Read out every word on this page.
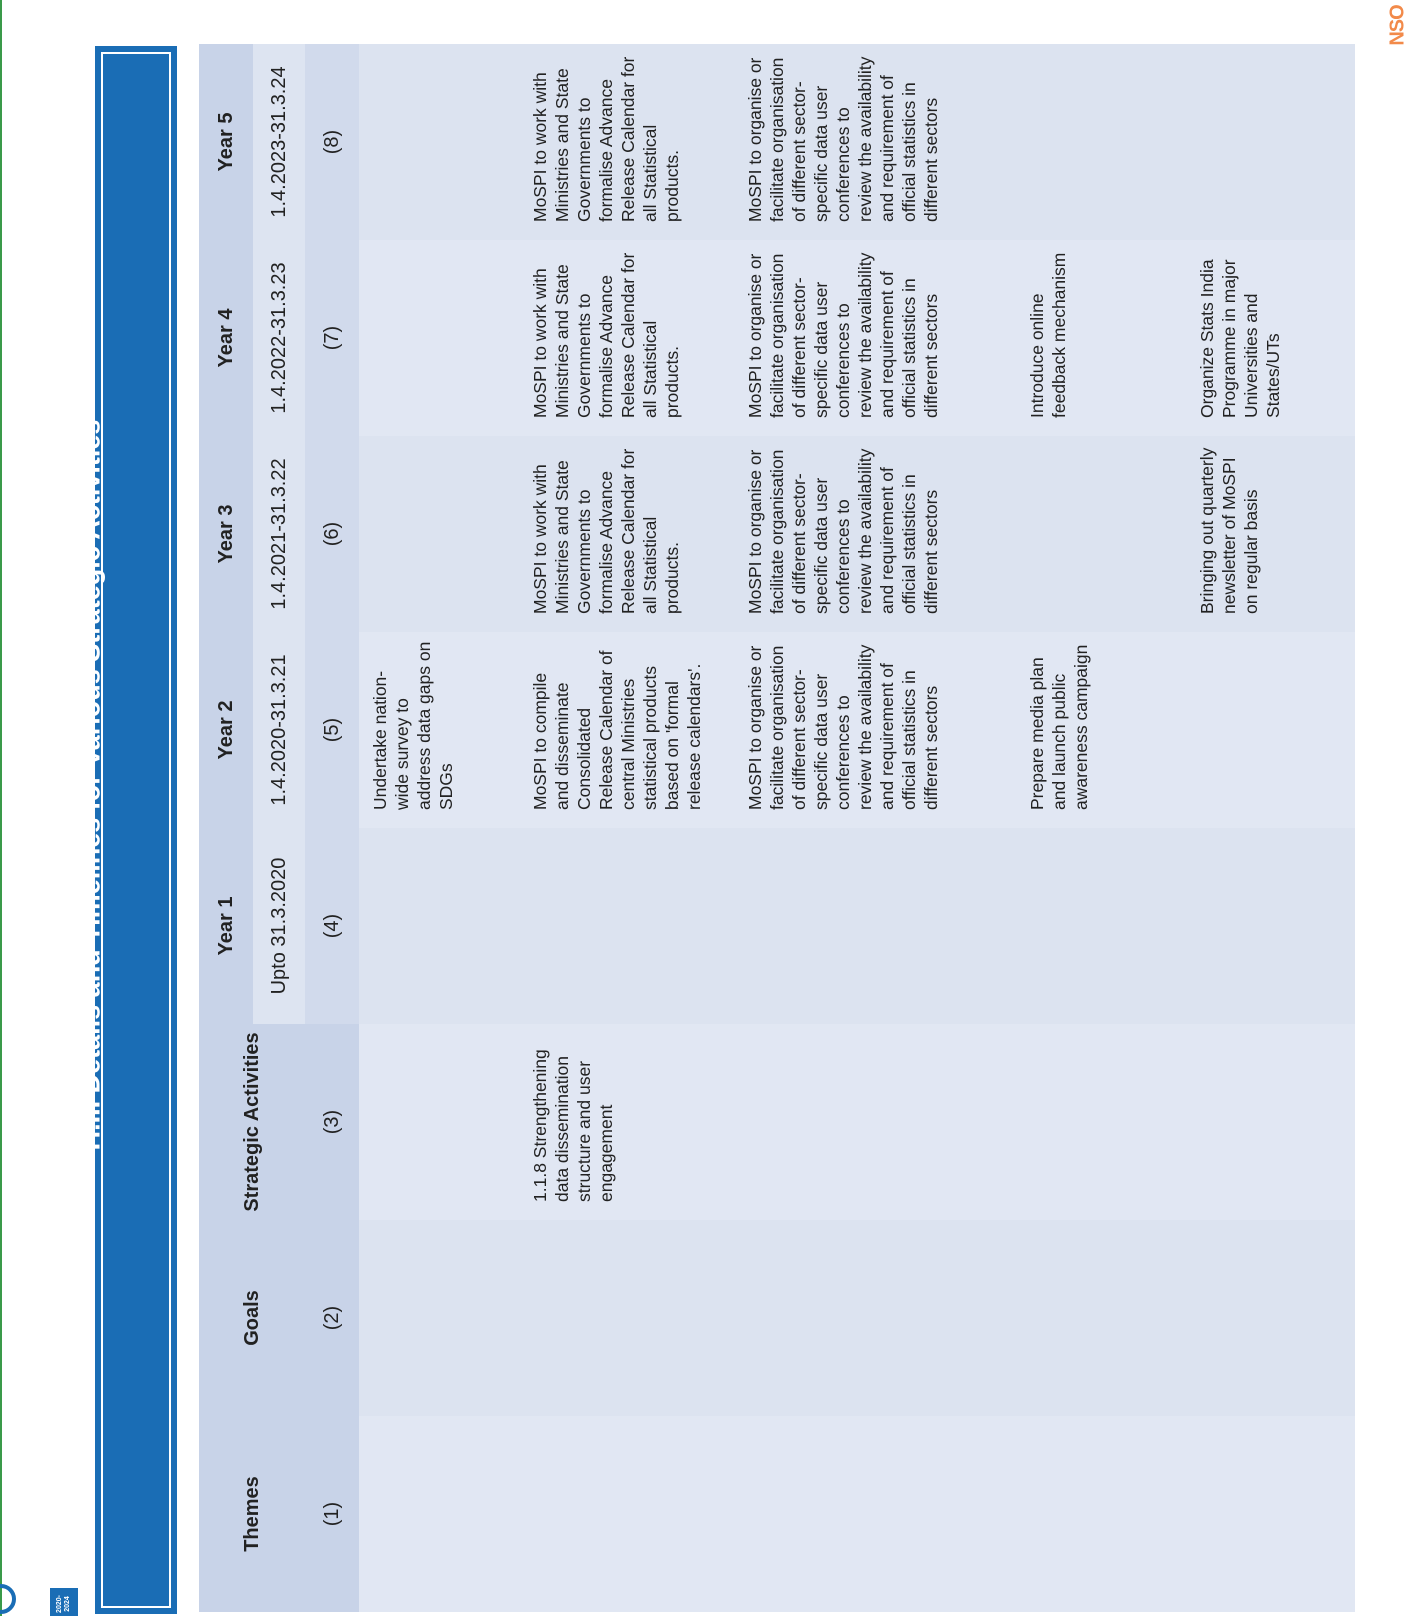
2020-2024
NSO
H.III Details and Timelines for Various Strategic Activities
Themes	Goals	Strategic Activities	Year 1	Year 2	Year 3	Year 4	Year 5
			Upto 31.3.2020	1.4.2020-31.3.21	1.4.2021-31.3.22	1.4.2022-31.3.23	1.4.2023-31.3.24
(1)	(2)	(3)	(4)	(5)	(6)	(7)	(8)
				Undertake nation-wide survey to address data gaps on SDGs			
		1.1.8 Strengthening data dissemination structure and user engagement		MoSPI to compile and disseminate Consolidated Release Calendar of central Ministries statistical products based on 'formal release calendars'.	MoSPI to work with Ministries and State Governments to formalise Advance Release Calendar for all Statistical products.	MoSPI to work with Ministries and State Governments to formalise Advance Release Calendar for all Statistical products.	MoSPI to work with Ministries and State Governments to formalise Advance Release Calendar for all Statistical products.
				MoSPI to organise or facilitate organisation of different sector-specific data user conferences to review the availability and requirement of official statistics in different sectors	MoSPI to organise or facilitate organisation of different sector-specific data user conferences to review the availability and requirement of official statistics in different sectors	MoSPI to organise or facilitate organisation of different sector-specific data user conferences to review the availability and requirement of official statistics in different sectors	MoSPI to organise or facilitate organisation of different sector-specific data user conferences to review the availability and requirement of official statistics in different sectors
				Prepare media plan and launch public awareness campaign		Introduce online feedback mechanism	
					Bringing out quarterly newsletter of MoSPI on regular basis	Organize Stats India Programme in major Universities and States/UTs	
